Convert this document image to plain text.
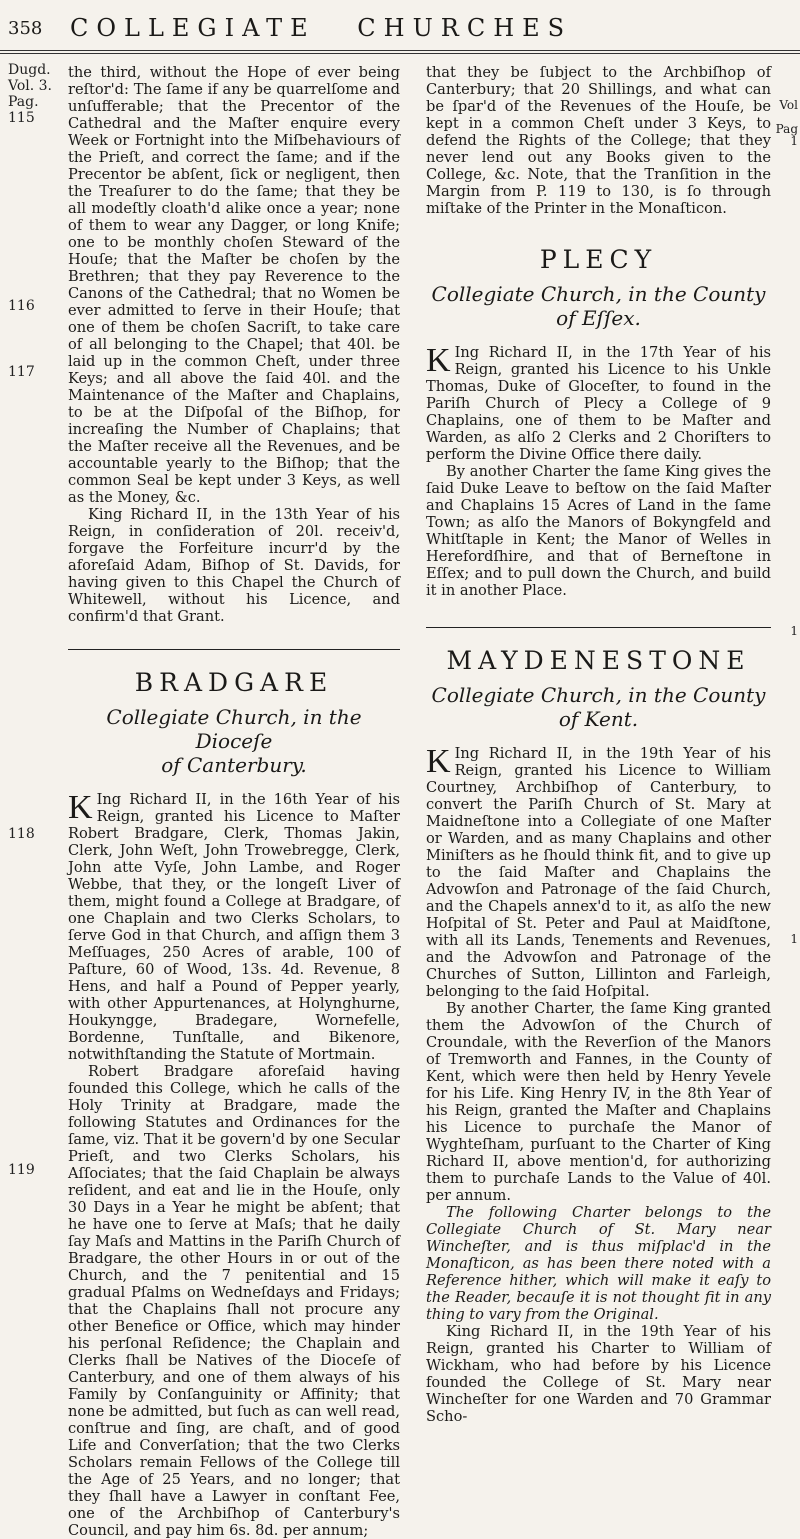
358 COLLEGIATE CHURCHES
Dugd.
Vol. 3.
Pag.
115
116
117
118
119

the third, without the Hope of ever being reſtor'd: The ſame if any be quarrelſome and unſufferable; that the Precentor of the Cathedral and the Maſter enquire every Week or Fortnight into the Miſbehaviours of the Prieſt, and correct the ſame; and if the Precentor be abſent, ſick or negligent, then the Treaſurer to do the ſame; that they be all modeſtly cloath'd alike once a year; none of them to wear any Dagger, or long Knife; one to be monthly choſen Steward of the Houſe; that the Maſter be choſen by the Brethren; that they pay Reverence to the Canons of the Cathedral; that no Women be ever admitted to ſerve in their Houſe; that one of them be choſen Sacriſt, to take care of all belonging to the Chapel; that 40l. be laid up in the common Cheſt, under three Keys; and all above the ſaid 40l. and the Maintenance of the Maſter and Chaplains, to be at the Diſpoſal of the Biſhop, for increaſing the Number of Chaplains; that the Maſter receive all the Revenues, and be accountable yearly to the Biſhop; that the common Seal be kept under 3 Keys, as well as the Money, &c.

King Richard II, in the 13th Year of his Reign, in conſideration of 20l. receiv'd, forgave the Forfeiture incurr'd by the aforeſaid Adam, Biſhop of St. Davids, for having given to this Chapel the Church of Whitewell, without his Licence, and confirm'd that Grant.

BRADGARE
Collegiate Church, in the Dioceſe
of Canterbury.

K Ing Richard II, in the 16th Year of his Reign, granted his Licence to Maſter Robert Bradgare, Clerk, Thomas Jakin, Clerk, John Weſt, John Trowebregge, Clerk, John atte Vyſe, John Lambe, and Roger Webbe, that they, or the longeſt Liver of them, might found a College at Bradgare, of one Chaplain and two Clerks Scholars, to ſerve God in that Church, and aſſign them 3 Meſſuages, 250 Acres of arable, 100 of Paſture, 60 of Wood, 13s. 4d. Revenue, 8 Hens, and half a Pound of Pepper yearly, with other Appurtenances, at Holynghurne, Houkyngge, Bradegare, Wornefelle, Bordenne, Tunſtalle, and Bikenore, notwithſtanding the Statute of Mortmain.

Robert Bradgare aforeſaid having founded this College, which he calls of the Holy Trinity at Bradgare, made the following Statutes and Ordinances for the ſame, viz. That it be govern'd by one Secular Prieſt, and two Clerks Scholars, his Aſſociates; that the ſaid Chaplain be always reſident, and eat and lie in the Houſe, only 30 Days in a Year he might be abſent; that he have one to ſerve at Maſs; that he daily ſay Maſs and Mattins in the Pariſh Church of Bradgare, the other Hours in or out of the Church, and the 7 penitential and 15 gradual Pſalms on Wedneſdays and Fridays; that the Chaplains ſhall not procure any other Benefice or Office, which may hinder his perſonal Reſidence; the Chaplain and Clerks ſhall be Natives of the Dioceſe of Canterbury, and one of them always of his Family by Conſanguinity or Affinity; that none be admitted, but ſuch as can well read, conſtrue and ſing, are chaſt, and of good Life and Converſation; that the two Clerks Scholars remain Fellows of the College till the Age of 25 Years, and no longer; that they ſhall have a Lawyer in conſtant Fee, one of the Archbiſhop of Canterbury's Council, and pay him 6s. 8d. per annum;

that they be ſubject to the Archbiſhop of Canterbury; that 20 Shillings, and what can be ſpar'd of the Revenues of the Houſe, be kept in a common Cheſt under 3 Keys, to defend the Rights of the College; that they never lend out any Books given to the College, &c. Note, that the Tranſition in the Margin from P. 119 to 130, is ſo through miſtake of the Printer in the Monaſticon.

PLECY
Collegiate Church, in the County
of Eſſex.

K Ing Richard II, in the 17th Year of his Reign, granted his Licence to his Unkle Thomas, Duke of Gloceſter, to found in the Pariſh Church of Plecy a College of 9 Chaplains, one of them to be Maſter and Warden, as alſo 2 Clerks and 2 Choriſters to perform the Divine Office there daily.

By another Charter the ſame King gives the ſaid Duke Leave to beſtow on the ſaid Maſter and Chaplains 15 Acres of Land in the ſame Town; as alſo the Manors of Bokyngfeld and Whitſtaple in Kent; the Manor of Welles in Herefordſhire, and that of Berneſtone in Eſſex; and to pull down the Church, and build it in another Place.

MAYDENESTONE
Collegiate Church, in the County
of Kent.

K Ing Richard II, in the 19th Year of his Reign, granted his Licence to William Courtney, Archbiſhop of Canterbury, to convert the Pariſh Church of St. Mary at Maidneſtone into a Collegiate of one Maſter or Warden, and as many Chaplains and other Miniſters as he ſhould think fit, and to give up to the ſaid Maſter and Chaplains the Advowſon and Patronage of the ſaid Church, and the Chapels annex'd to it, as alſo the new Hoſpital of St. Peter and Paul at Maidſtone, with all its Lands, Tenements and Revenues, and the Advowſon and Patronage of the Churches of Sutton, Lillinton and Farleigh, belonging to the ſaid Hoſpital.

By another Charter, the ſame King granted them the Advowſon of the Church of Croundale, with the Reverſion of the Manors of Tremworth and Fannes, in the County of Kent, which were then held by Henry Yevele for his Life. King Henry IV, in the 8th Year of his Reign, granted the Maſter and Chaplains his Licence to purchaſe the Manor of Wyghteſham, purſuant to the Charter of King Richard II, above mention'd, for authorizing them to purchaſe Lands to the Value of 40l. per annum.

The following Charter belongs to the Collegiate Church of St. Mary near Wincheſter, and is thus miſplac'd in the Monaſticon, as has been there noted with a Reference hither, which will make it eaſy to the Reader, becauſe it is not thought fit in any thing to vary from the Original.

King Richard II, in the 19th Year of his Reign, granted his Charter to William of Wickham, who had before by his Licence founded the College of St. Mary near Wincheſter for one Warden and 70 Grammar Scho-

Vol
Pag
1
1
1
